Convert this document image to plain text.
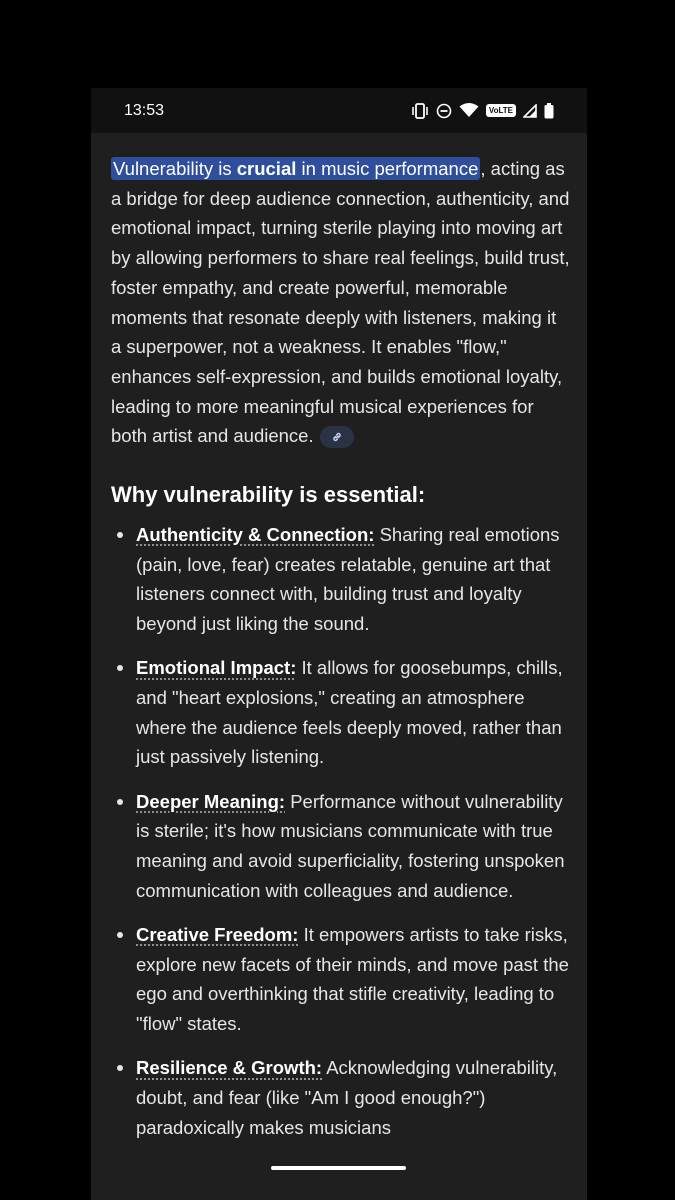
13:53	VoLTE

Vulnerability is crucial in music performance , acting as a bridge for deep audience connection, authenticity, and emotional impact, turning sterile playing into moving art by allowing performers to share real feelings, build trust, foster empathy, and create powerful, memorable moments that resonate deeply with listeners, making it a superpower, not a weakness. It enables "flow," enhances self-expression, and builds emotional loyalty, leading to more meaningful musical experiences for both artist and audience.

Why vulnerability is essential:
Authenticity & Connection: Sharing real emotions (pain, love, fear) creates relatable, genuine art that listeners connect with, building trust and loyalty beyond just liking the sound.
Emotional Impact: It allows for goosebumps, chills, and "heart explosions," creating an atmosphere where the audience feels deeply moved, rather than just passively listening.
Deeper Meaning: Performance without vulnerability is sterile; it's how musicians communicate with true meaning and avoid superficiality, fostering unspoken communication with colleagues and audience.
Creative Freedom: It empowers artists to take risks, explore new facets of their minds, and move past the ego and overthinking that stifle creativity, leading to "flow" states.
Resilience & Growth: Acknowledging vulnerability, doubt, and fear (like "Am I good enough?") paradoxically makes musicians
